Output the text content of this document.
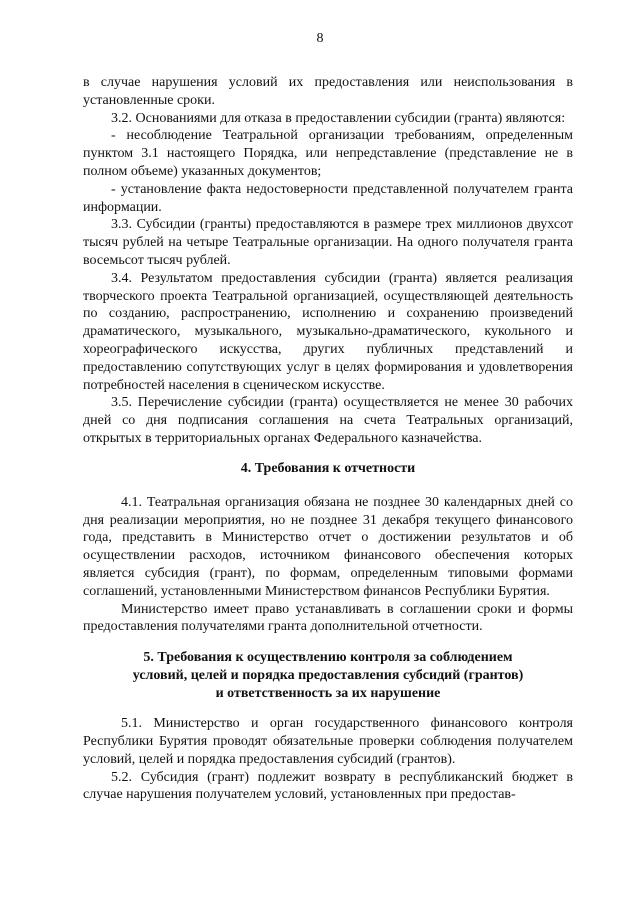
8

в случае нарушения условий их предоставления или неиспользования в установленные сроки.

3.2. Основаниями для отказа в предоставлении субсидии (гранта) являются:

- несоблюдение Театральной организации требованиям, определенным пунктом 3.1 настоящего Порядка, или непредставление (представление не в полном объеме) указанных документов;

- установление факта недостоверности представленной получателем гранта информации.

3.3. Субсидии (гранты) предоставляются в размере трех миллионов двухсот тысяч рублей на четыре Театральные организации. На одного получателя гранта восемьсот тысяч рублей.

3.4. Результатом предоставления субсидии (гранта) является реализация творческого проекта Театральной организацией, осуществляющей деятельность по созданию, распространению, исполнению и сохранению произведений драматического, музыкального, музыкально-драматического, кукольного и хореографического искусства, других публичных представлений и предоставлению сопутствующих услуг в целях формирования и удовлетворения потребностей населения в сценическом искусстве.

3.5. Перечисление субсидии (гранта) осуществляется не менее 30 рабочих дней со дня подписания соглашения на счета Театральных организаций, открытых в территориальных органах Федерального казначейства.

4. Требования к отчетности

4.1. Театральная организация обязана не позднее 30 календарных дней со дня реализации мероприятия, но не позднее 31 декабря текущего финансового года, представить в Министерство отчет о достижении результатов и об осуществлении расходов, источником финансового обеспечения которых является субсидия (грант), по формам, определенным типовыми формами соглашений, установленными Министерством финансов Республики Бурятия.

Министерство имеет право устанавливать в соглашении сроки и формы предоставления получателями гранта дополнительной отчетности.

5. Требования к осуществлению контроля за соблюдением

условий, целей и порядка предоставления субсидий (грантов)

и ответственность за их нарушение

5.1. Министерство и орган государственного финансового контроля Республики Бурятия проводят обязательные проверки соблюдения получателем условий, целей и порядка предоставления субсидий (грантов).

5.2. Субсидия (грант) подлежит возврату в республиканский бюджет в случае нарушения получателем условий, установленных при предостав-
